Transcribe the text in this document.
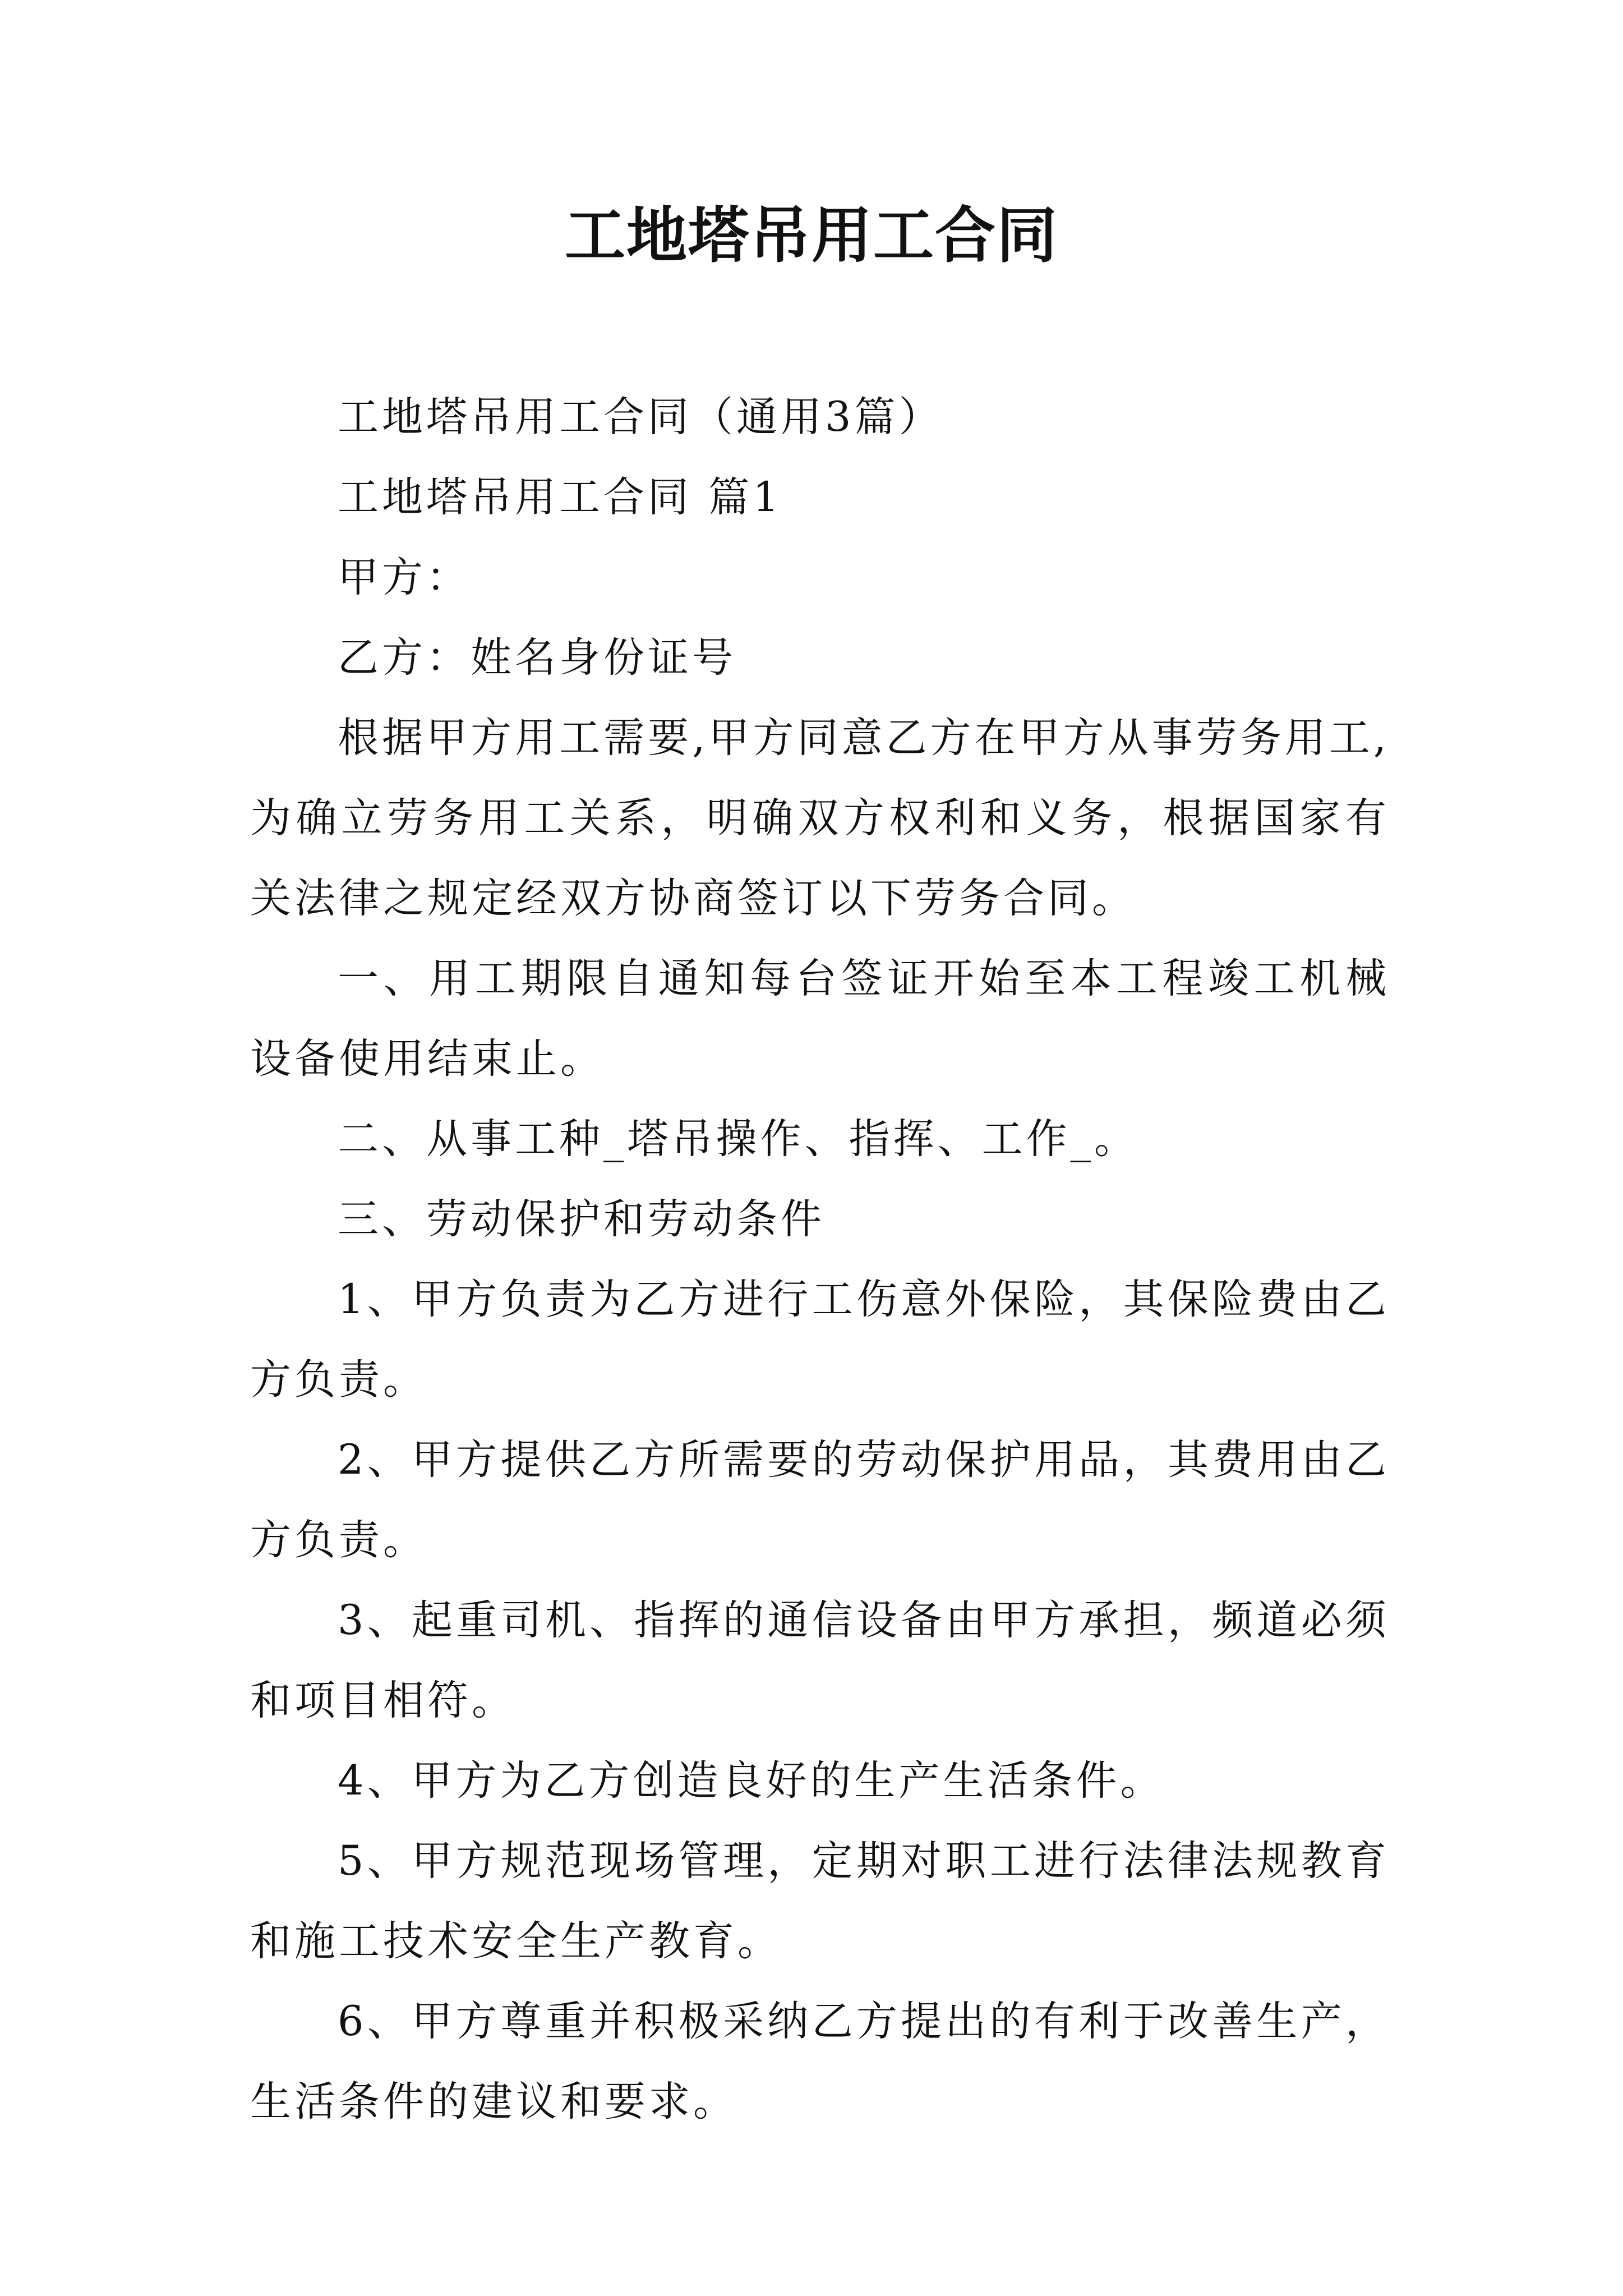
工地塔吊用工合同

工地塔吊用工合同（通用3篇）

工地塔吊用工合同 篇1

甲方：

乙方：姓名身份证号

根据甲方用工需要,甲方同意乙方在甲方从事劳务用工,为确立劳务用工关系，明确双方权利和义务，根据国家有关法律之规定经双方协商签订以下劳务合同。

一、用工期限自通知每台签证开始至本工程竣工机械设备使用结束止。

二、从事工种_塔吊操作、指挥、工作_。

三、劳动保护和劳动条件

1、甲方负责为乙方进行工伤意外保险，其保险费由乙方负责。

2、甲方提供乙方所需要的劳动保护用品，其费用由乙方负责。

3、起重司机、指挥的通信设备由甲方承担，频道必须和项目相符。

4、甲方为乙方创造良好的生产生活条件。

5、甲方规范现场管理，定期对职工进行法律法规教育和施工技术安全生产教育。

6、甲方尊重并积极采纳乙方提出的有利于改善生产，生活条件的建议和要求。
